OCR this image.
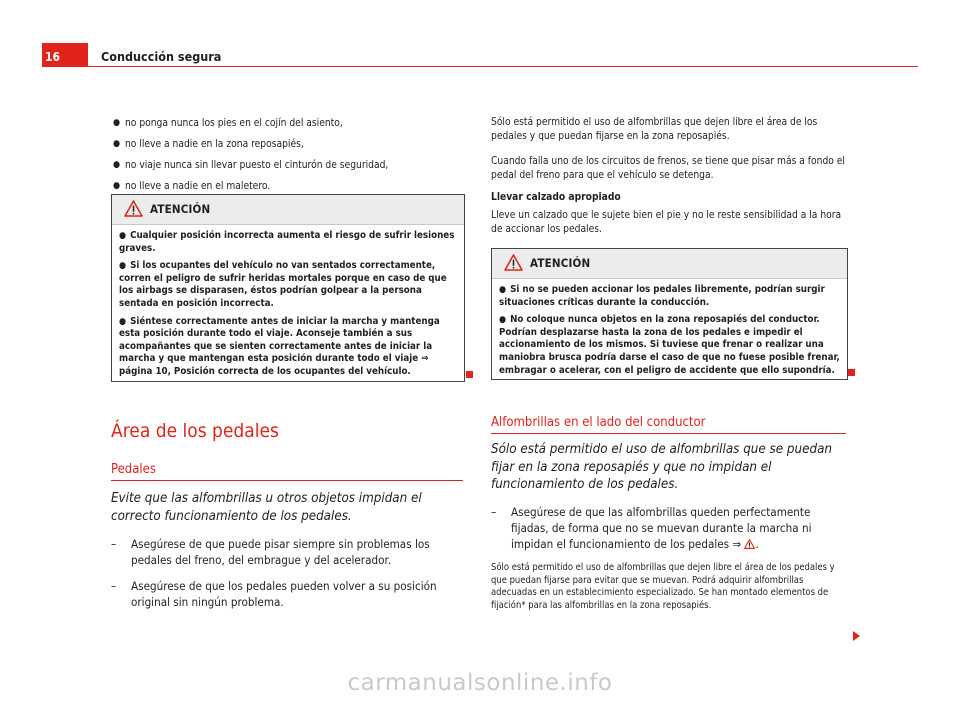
16	Conducción segura
● no ponga nunca los pies en el cojín del asiento,
● no lleve a nadie en la zona reposapiés,
● no viaje nunca sin llevar puesto el cinturón de seguridad,
● no lleve a nadie en el maletero.
ATENCIÓN

● Cualquier posición incorrecta aumenta el riesgo de sufrir lesiones graves.

● Si los ocupantes del vehículo no van sentados correctamente, corren el peligro de sufrir heridas mortales porque en caso de que los airbags se disparasen, éstos podrían golpear a la persona sentada en posición incorrecta.

● Siéntese correctamente antes de iniciar la marcha y mantenga esta posición durante todo el viaje. Aconseje también a sus acompañantes que se sienten correctamente antes de iniciar la marcha y que mantengan esta posición durante todo el viaje ⇒ página 10, Posición correcta de los ocupantes del vehículo.

Sólo está permitido el uso de alfombrillas que dejen libre el área de los pedales y que puedan fijarse en la zona reposapiés.

Cuando falla uno de los circuitos de frenos, se tiene que pisar más a fondo el pedal del freno para que el vehículo se detenga.

Llevar calzado apropiado

Lleve un calzado que le sujete bien el pie y no le reste sensibilidad a la hora de accionar los pedales.

ATENCIÓN

● Si no se pueden accionar los pedales libremente, podrían surgir situaciones críticas durante la conducción.

● No coloque nunca objetos en la zona reposapiés del conductor. Podrían desplazarse hasta la zona de los pedales e impedir el accionamiento de los mismos. Si tuviese que frenar o realizar una maniobra brusca podría darse el caso de que no fuese posible frenar, embragar o acelerar, con el peligro de accidente que ello supondría.

Área de los pedales
Pedales

Evite que las alfombrillas u otros objetos impidan el correcto funcionamiento de los pedales.

– Asegúrese de que puede pisar siempre sin problemas los pedales del freno, del embrague y del acelerador.
– Asegúrese de que los pedales pueden volver a su posición original sin ningún problema.
Alfombrillas en el lado del conductor

Sólo está permitido el uso de alfombrillas que se puedan fijar en la zona reposapiés y que no impidan el funcionamiento de los pedales.

– Asegúrese de que las alfombrillas queden perfectamente fijadas, de forma que no se muevan durante la marcha ni impidan el funcionamiento de los pedales ⇒ .

Sólo está permitido el uso de alfombrillas que dejen libre el área de los pedales y que puedan fijarse para evitar que se muevan. Podrá adquirir alfombrillas adecuadas en un establecimiento especializado. Se han montado elementos de fijación* para las alfombrillas en la zona reposapiés.

carmanualsonline.info
